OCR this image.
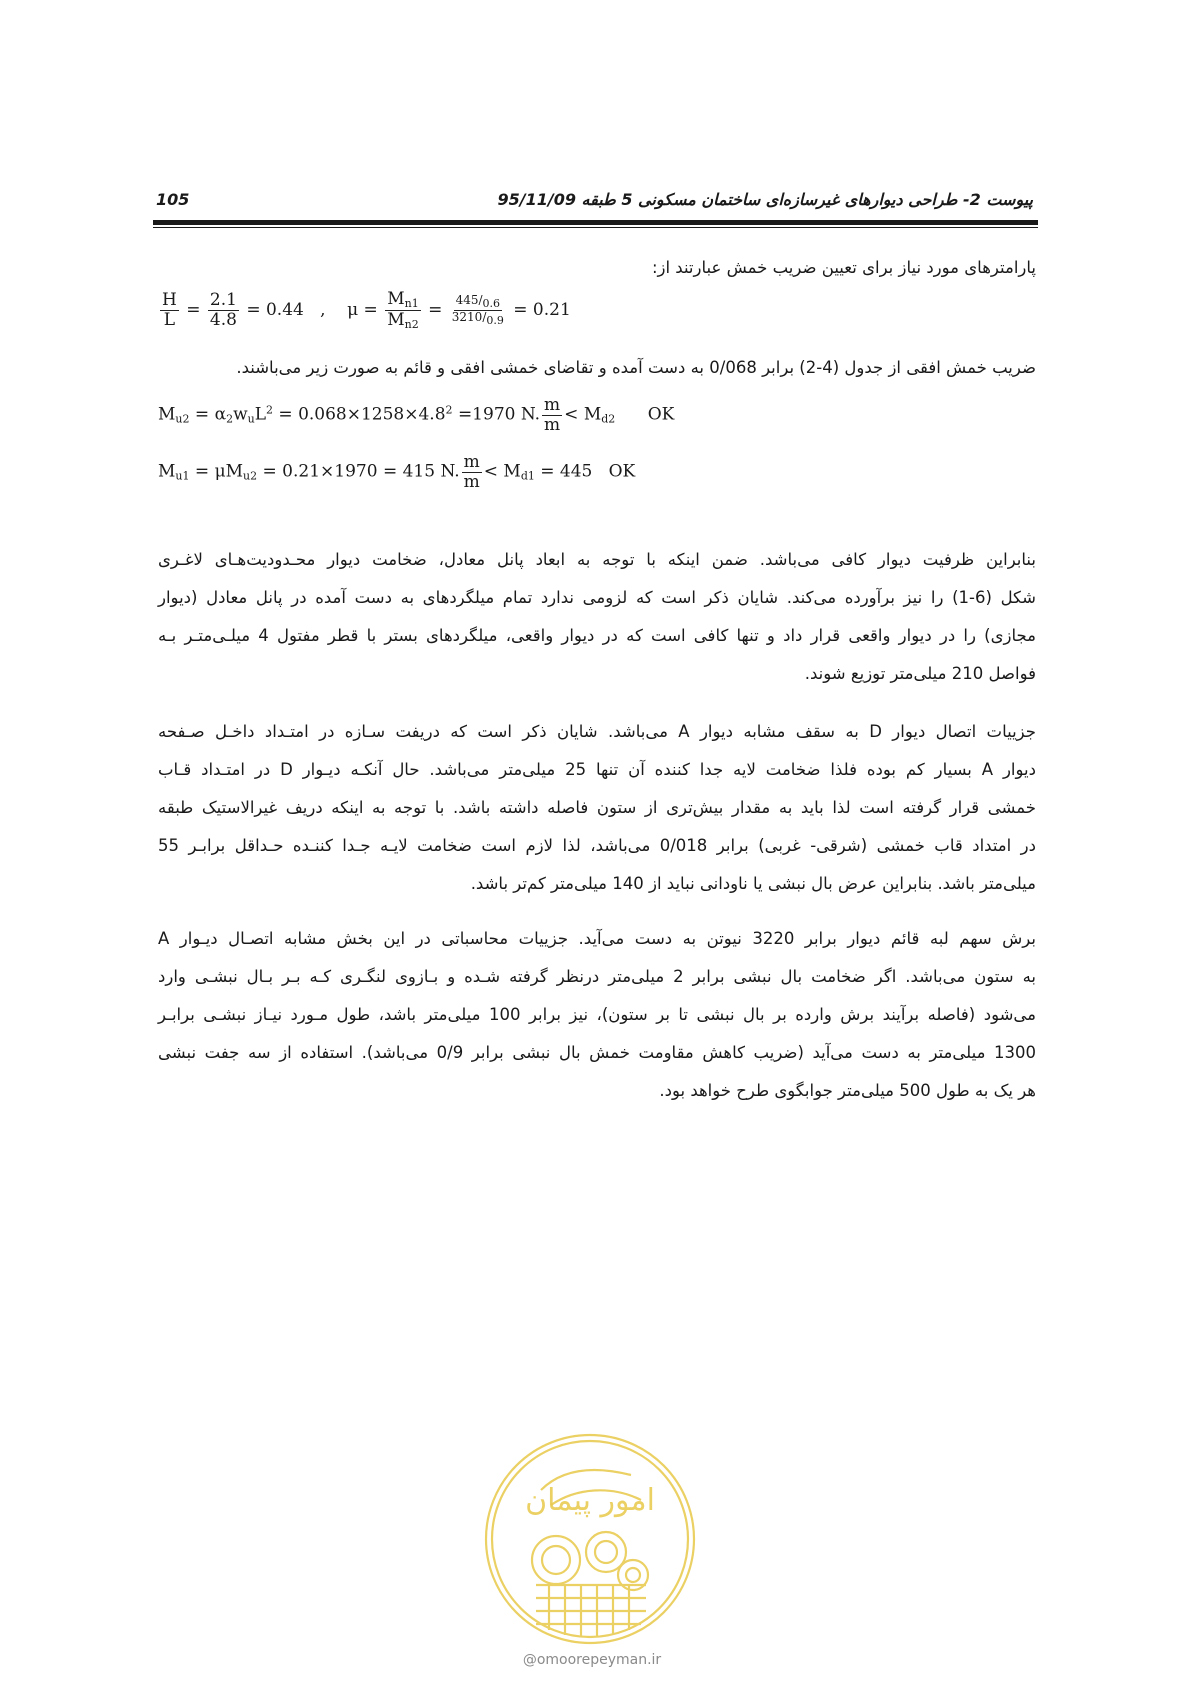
105	پیوست 2- طراحی دیوارهای غیرسازه‌ای ساختمان مسکونی 5 طبقه 95/11/09
پارامترهای مورد نیاز برای تعیین ضریب خمش عبارتند از:
$\frac{H}{L} = \frac{2.1}{4.8} = 0.44$ , $\mu = \frac{M_{n1}}{M_{n2}} = \frac{445/0.6}{3210/0.9} = 0.21$
ضریب خمش افقی از جدول (4-2) برابر 0/068 به دست آمده و تقاضای خمشی افقی و قائم به صورت زیر می‌باشند.
$M_{u2} = \alpha_2w_uL^2 = 0.068\times 1258\times 4.8^2 =1970$ N. $\frac{m}{m} < M_{d2}$ OK
$M_{u1} = \mu M_{u2} = 0.21\times 1970 = 415$ N. $\frac{m}{m} < M_{d1} = 445$ OK
بنابراین ظرفیت دیوار کافی می‌باشد. ضمن اینکه با توجه به ابعاد پانل معادل، ضخامت دیوار محـدودیت‌هـای لاغـری
شکل (6-1) را نیز برآورده می‌کند. شایان ذکر است که لزومی ندارد تمام میلگردهای به دست آمده در پانل معادل (دیوار
مجازی) را در دیوار واقعی قرار داد و تنها کافی است که در دیوار واقعی، میلگردهای بستر با قطر مفتول 4 میلـی‌متـر بـه
فواصل 210 میلی‌متر توزیع شوند.
جزییات اتصال دیوار D به سقف مشابه دیوار A می‌باشد. شایان ذکر است که دریفت سـازه در امتـداد داخـل صـفحه
دیوار A بسیار کم بوده فلذا ضخامت لایه جدا کننده آن تنها 25 میلی‌متر می‌باشد. حال آنکـه دیـوار D در امتـداد قـاب
خمشی قرار گرفته است لذا باید به مقدار بیش‌تری از ستون فاصله داشته باشد. با توجه به اینکه دریف غیرالاستیک طبقه
در امتداد قاب خمشی (شرقی- غربی) برابر 0/018 می‌باشد، لذا لازم است ضخامت لایـه جـدا کننـده حـداقل برابـر 55
میلی‌متر باشد. بنابراین عرض بال نبشی یا ناودانی نباید از 140 میلی‌متر کم‌تر باشد.
برش سهم لبه قائم دیوار برابر 3220 نیوتن به دست می‌آید. جزییات محاسباتی در این بخش مشابه اتصـال دیـوار A
به ستون می‌باشد. اگر ضخامت بال نبشی برابر 2 میلی‌متر درنظر گرفته شـده و بـازوی لنگـری کـه بـر بـال نبشـی وارد
می‌شود (فاصله برآیند برش وارده بر بال نبشی تا بر ستون)، نیز برابر 100 میلی‌متر باشد، طول مـورد نیـاز نبشـی برابـر
1300 میلی‌متر به دست می‌آید (ضریب کاهش مقاومت خمش بال نبشی برابر 0/9 می‌باشد). استفاده از سه جفت نبشی
هر یک به طول 500 میلی‌متر جوابگوی طرح خواهد بود.
امور پیمان
@omoorepeyman.ir
